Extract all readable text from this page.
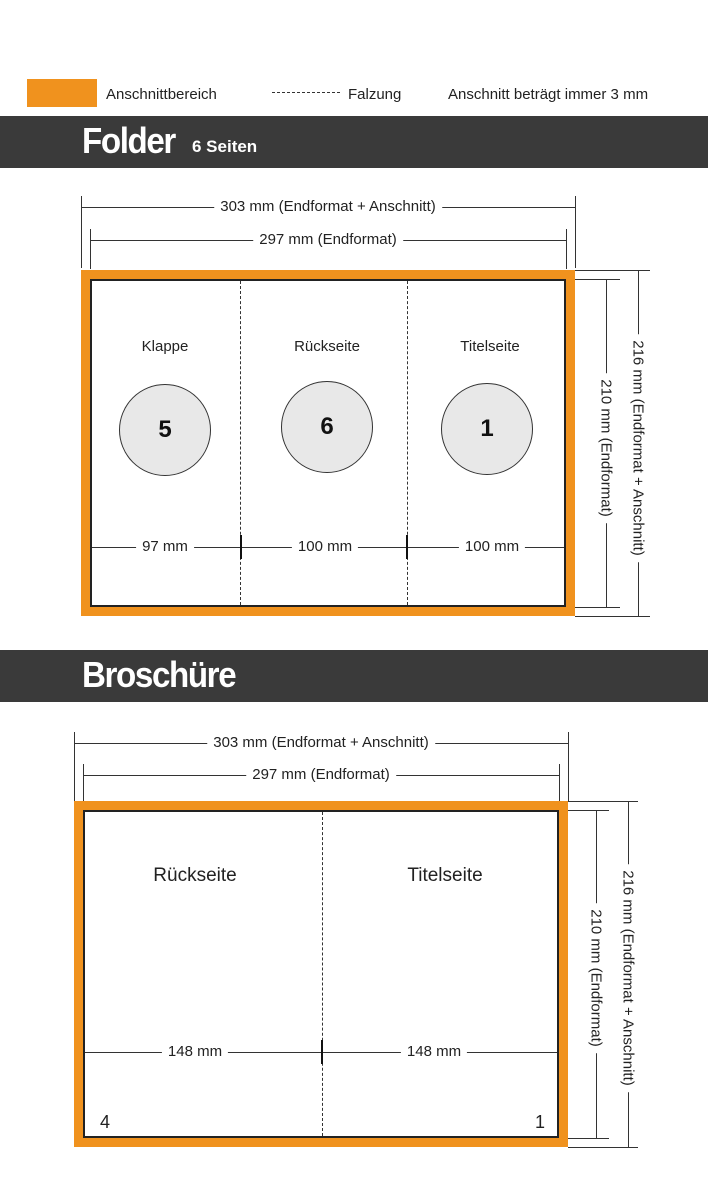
Anschnittbereich	Falzung	Anschnitt beträgt immer 3 mm
Folder 6 Seiten
303 mm (Endformat + Anschnitt)
297 mm (Endformat)
216 mm (Endformat + Anschnitt)
210 mm (Endformat)
Klappe	Rückseite	Titelseite
5	6	1
97 mm	100 mm	100 mm
Broschüre
303 mm (Endformat + Anschnitt)
297 mm (Endformat)
216 mm (Endformat + Anschnitt)
210 mm (Endformat)
Rückseite	Titelseite
148 mm	148 mm
4	1
